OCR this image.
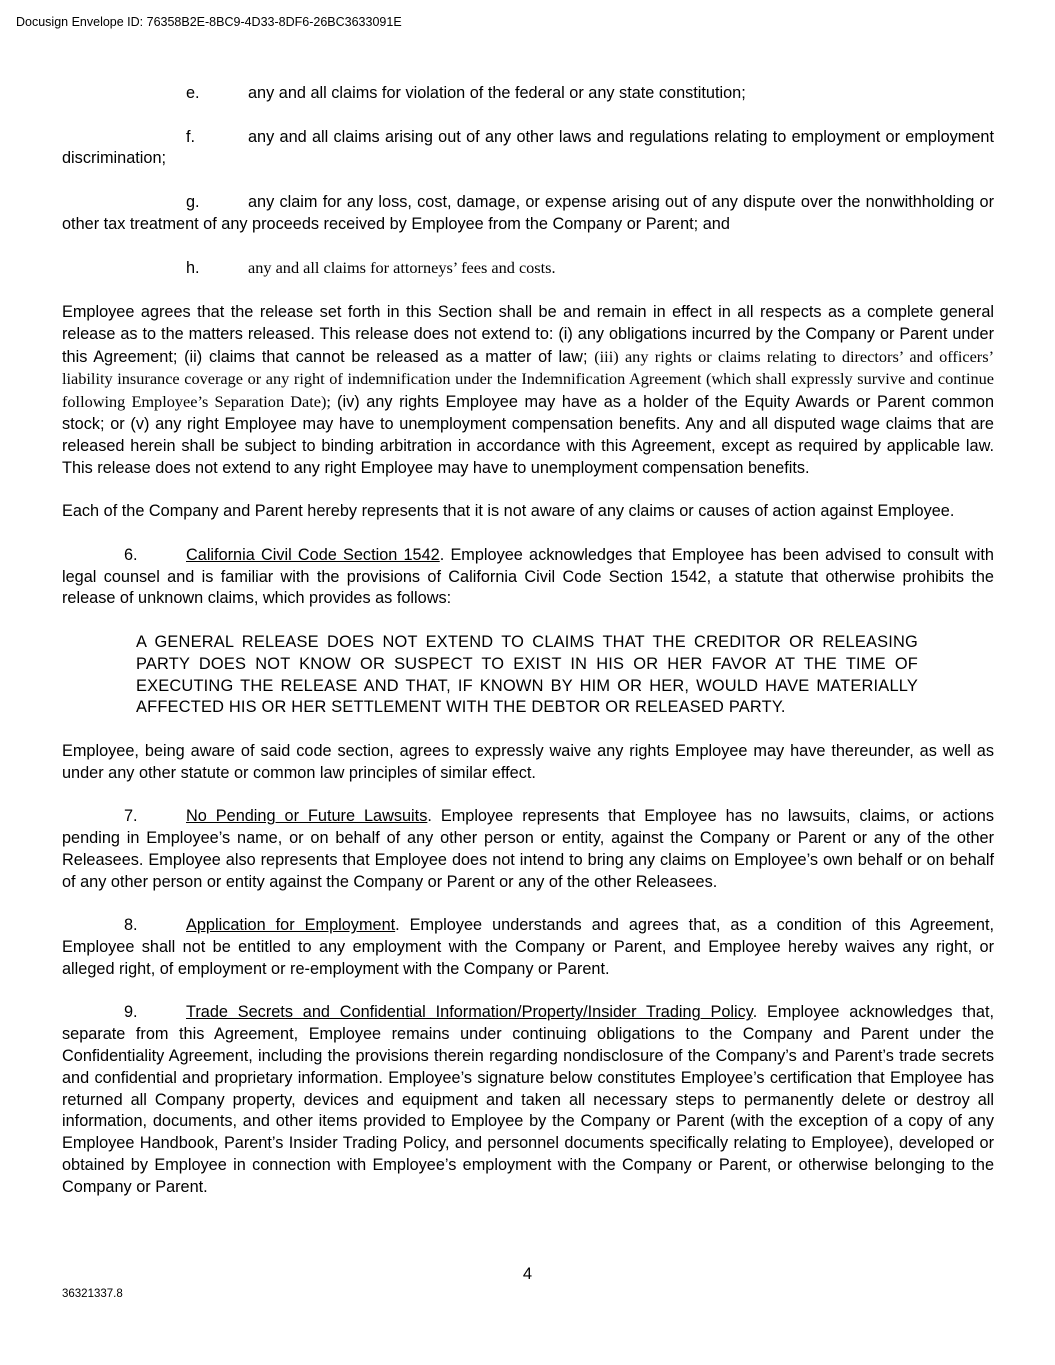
Docusign Envelope ID: 76358B2E-8BC9-4D33-8DF6-26BC3633091E

e.	any and all claims for violation of the federal or any state constitution;

f.	any and all claims arising out of any other laws and regulations relating to employment or employment discrimination;

g.	any claim for any loss, cost, damage, or expense arising out of any dispute over the nonwithholding or other tax treatment of any proceeds received by Employee from the Company or Parent; and

h.	any and all claims for attorneys’ fees and costs.

Employee agrees that the release set forth in this Section shall be and remain in effect in all respects as a complete general release as to the matters released. This release does not extend to: (i) any obligations incurred by the Company or Parent under this Agreement; (ii) claims that cannot be released as a matter of law; (iii) any rights or claims relating to directors’ and officers’ liability insurance coverage or any right of indemnification under the Indemnification Agreement (which shall expressly survive and continue following Employee’s Separation Date); (iv) any rights Employee may have as a holder of the Equity Awards or Parent common stock; or (v) any right Employee may have to unemployment compensation benefits. Any and all disputed wage claims that are released herein shall be subject to binding arbitration in accordance with this Agreement, except as required by applicable law. This release does not extend to any right Employee may have to unemployment compensation benefits.

Each of the Company and Parent hereby represents that it is not aware of any claims or causes of action against Employee.

6.	California Civil Code Section 1542. Employee acknowledges that Employee has been advised to consult with legal counsel and is familiar with the provisions of California Civil Code Section 1542, a statute that otherwise prohibits the release of unknown claims, which provides as follows:

A GENERAL RELEASE DOES NOT EXTEND TO CLAIMS THAT THE CREDITOR OR RELEASING PARTY DOES NOT KNOW OR SUSPECT TO EXIST IN HIS OR HER FAVOR AT THE TIME OF EXECUTING THE RELEASE AND THAT, IF KNOWN BY HIM OR HER, WOULD HAVE MATERIALLY AFFECTED HIS OR HER SETTLEMENT WITH THE DEBTOR OR RELEASED PARTY.

Employee, being aware of said code section, agrees to expressly waive any rights Employee may have thereunder, as well as under any other statute or common law principles of similar effect.

7.	No Pending or Future Lawsuits. Employee represents that Employee has no lawsuits, claims, or actions pending in Employee’s name, or on behalf of any other person or entity, against the Company or Parent or any of the other Releasees. Employee also represents that Employee does not intend to bring any claims on Employee’s own behalf or on behalf of any other person or entity against the Company or Parent or any of the other Releasees.

8.	Application for Employment. Employee understands and agrees that, as a condition of this Agreement, Employee shall not be entitled to any employment with the Company or Parent, and Employee hereby waives any right, or alleged right, of employment or re-employment with the Company or Parent.

9.	Trade Secrets and Confidential Information/Property/Insider Trading Policy. Employee acknowledges that, separate from this Agreement, Employee remains under continuing obligations to the Company and Parent under the Confidentiality Agreement, including the provisions therein regarding nondisclosure of the Company’s and Parent’s trade secrets and confidential and proprietary information. Employee’s signature below constitutes Employee’s certification that Employee has returned all Company property, devices and equipment and taken all necessary steps to permanently delete or destroy all information, documents, and other items provided to Employee by the Company or Parent (with the exception of a copy of any Employee Handbook, Parent’s Insider Trading Policy, and personnel documents specifically relating to Employee), developed or obtained by Employee in connection with Employee’s employment with the Company or Parent, or otherwise belonging to the Company or Parent.

4
36321337.8
